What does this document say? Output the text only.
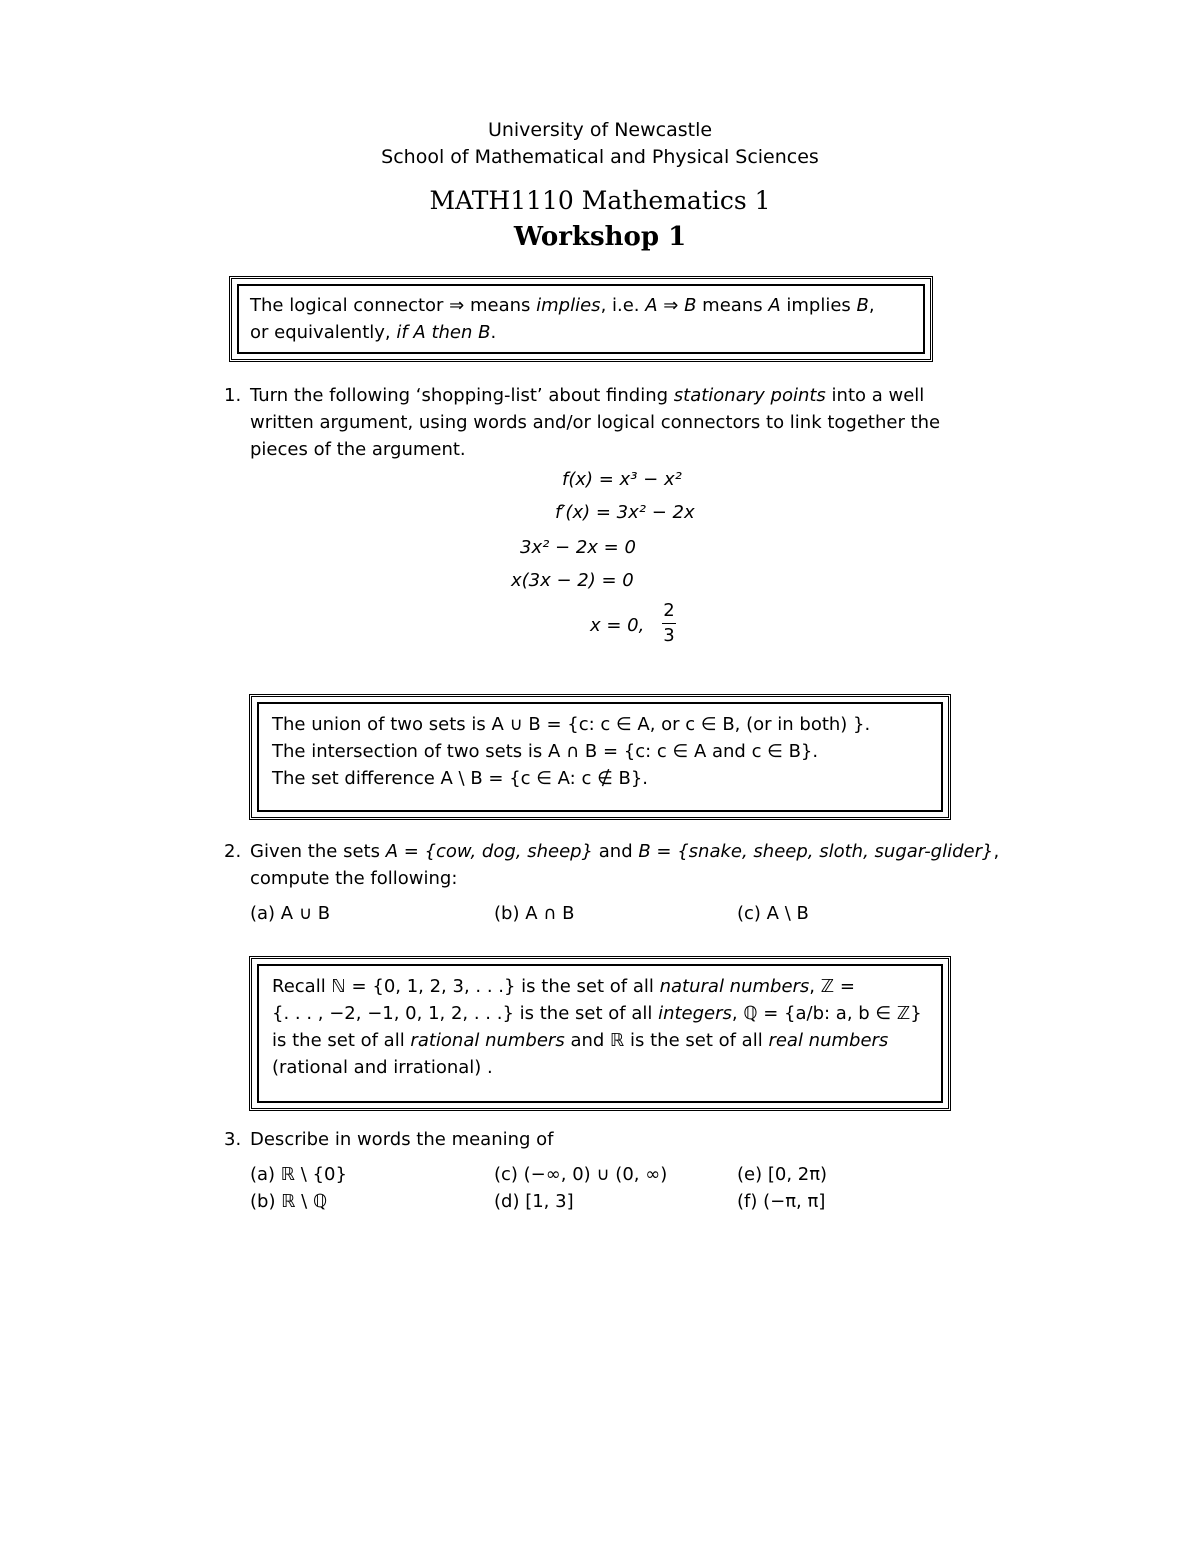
University of Newcastle
School of Mathematical and Physical Sciences
MATH1110 Mathematics 1
Workshop 1
The logical connector ⇒ means implies, i.e. A ⇒ B means A implies B,
or equivalently, if A then B.
1. Turn the following ‘shopping-list’ about finding stationary points into a well
written argument, using words and/or logical connectors to link together the
pieces of the argument.
f(x) = x³ − x²
f′(x) = 3x² − 2x
3x² − 2x = 0
x(3x − 2) = 0
x = 0, $\frac{2}{3}$
The union of two sets is A ∪ B = {c: c ∈ A, or c ∈ B, (or in both) }.
The intersection of two sets is A ∩ B = {c: c ∈ A and c ∈ B}.
The set difference A \ B = {c ∈ A: c ∉ B}.
2. Given the sets A = {cow, dog, sheep} and B = {snake, sheep, sloth, sugar-glider},
compute the following:
(a) A ∪ B	(b) A ∩ B	(c) A \ B
Recall ℕ = {0, 1, 2, 3, . . .} is the set of all natural numbers, ℤ =
{. . . , −2, −1, 0, 1, 2, . . .} is the set of all integers, ℚ = {a/b: a, b ∈ ℤ}
is the set of all rational numbers and ℝ is the set of all real numbers
(rational and irrational) .
3. Describe in words the meaning of
(a) ℝ \ {0}
(b) ℝ \ ℚ
(c) (−∞, 0) ∪ (0, ∞)
(d) [1, 3]
(e) [0, 2π)
(f) (−π, π]
